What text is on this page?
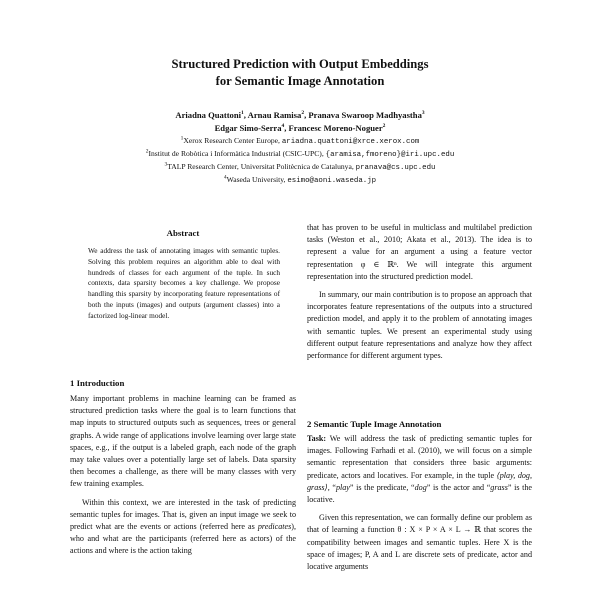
Structured Prediction with Output Embeddings
for Semantic Image Annotation
Ariadna Quattoni$^1$, Arnau Ramisa$^2$, Pranava Swaroop Madhyastha$^3$
Edgar Simo-Serra$^4$, Francesc Moreno-Noguer$^2$
$^1$Xerox Research Center Europe, ariadna.quattoni@xrce.xerox.com
$^2$Institut de Robòtica i Informàtica Industrial (CSIC-UPC), {aramisa,fmoreno}@iri.upc.edu
$^3$TALP Research Center, Universitat Politècnica de Catalunya, pranava@cs.upc.edu
$^4$Waseda University, esimo@aoni.waseda.jp
Abstract
We address the task of annotating images with semantic tuples. Solving this problem requires an algorithm able to deal with hundreds of classes for each argument of the tuple. In such contexts, data sparsity becomes a key challenge. We propose handling this sparsity by incorporating feature representations of both the inputs (images) and outputs (argument classes) into a factorized log-linear model.
1 Introduction

Many important problems in machine learning can be framed as structured prediction tasks where the goal is to learn functions that map inputs to structured outputs such as sequences, trees or general graphs. A wide range of applications involve learning over large state spaces, e.g., if the output is a labeled graph, each node of the graph may take values over a potentially large set of labels. Data sparsity then becomes a challenge, as there will be many classes with very few training examples.

Within this context, we are interested in the task of predicting semantic tuples for images. That is, given an input image we seek to predict what are the events or actions (referred here as predicates), who and what are the participants (referred here as actors) of the actions and where is the action taking

that has proven to be useful in multiclass and multilabel prediction tasks (Weston et al., 2010; Akata et al., 2013). The idea is to represent a value for an argument a using a feature vector representation φ ∈ ℝⁿ. We will integrate this argument representation into the structured prediction model.

In summary, our main contribution is to propose an approach that incorporates feature representations of the outputs into a structured prediction model, and apply it to the problem of annotating images with semantic tuples. We present an experimental study using different output feature representations and analyze how they affect performance for different argument types.

2 Semantic Tuple Image Annotation

Task: We will address the task of predicting semantic tuples for images. Following Farhadi et al. (2010), we will focus on a simple semantic representation that considers three basic arguments: predicate, actors and locatives. For example, in the tuple ⟨play, dog, grass⟩, “play” is the predicate, “dog” is the actor and “grass” is the locative.

Given this representation, we can formally define our problem as that of learning a function θ : X × P × A × L → ℝ that scores the compatibility between images and semantic tuples. Here X is the space of images; P, A and L are discrete sets of predicate, actor and locative arguments
